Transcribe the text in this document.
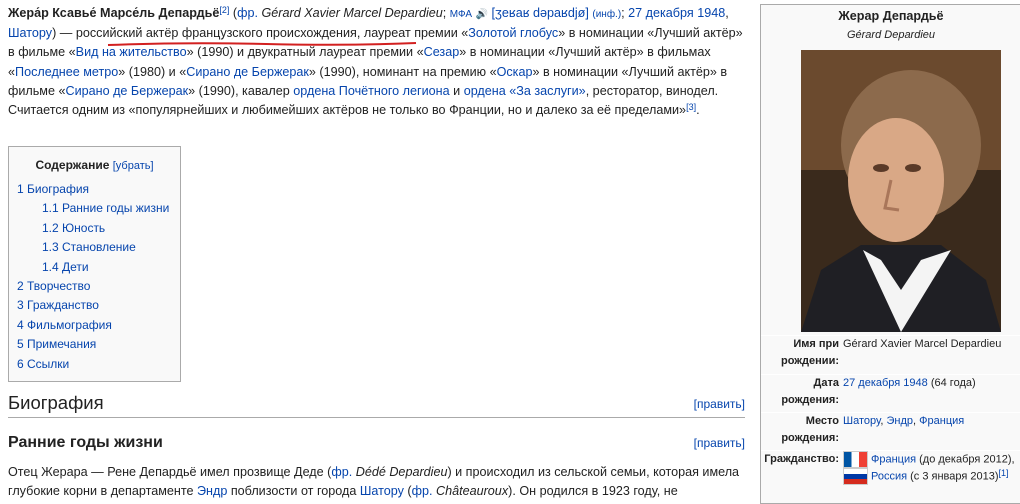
Жера́р Ксавье́ Марсе́ль Депардьё[2] (фр. Gérard Xavier Marcel Depardieu; МФА 🔊 [ʒeʁaʁ dəpaʁdjø] (инф.); 27 декабря 1948, Шатору) — российский актёр французского происхождения, лауреат премии «Золотой глобус» в номинации «Лучший актёр» в фильме «Вид на жительство» (1990) и двукратный лауреат премии «Сезар» в номинации «Лучший актёр» в фильмах «Последнее метро» (1980) и «Сирано де Бержерак» (1990), номинант на премию «Оскар» в номинации «Лучший актёр» в фильме «Сирано де Бержерак» (1990), кавалер ордена Почётного легиона и ордена «За заслуги», ресторатор, винодел. Считается одним из «популярнейших и любимейших актёров не только во Франции, но и далеко за её пределами»[3].
Содержание [убрать]
1 Биография
1.1 Ранние годы жизни
1.2 Юность
1.3 Становление
1.4 Дети
2 Творчество
3 Гражданство
4 Фильмография
5 Примечания
6 Ссылки
Биография	[править]
Ранние годы жизни	[править]
Отец Жерара — Рене Депардьё имел прозвище Деде (фр. Dédé Depardieu) и происходил из сельской семьи, которая имела глубокие корни в департаменте Эндр поблизости от города Шатору (фр. Châteauroux). Он родился в 1923 году, не
Жерар Депардьё
Gérard Depardieu
Имя при рождении:
Gérard Xavier Marcel Depardieu
Дата рождения:
27 декабря 1948 (64 года)
Место рождения:
Шатору, Эндр, Франция
Гражданство:	Франция (до декабря 2012),
Россия (с 3 января 2013)[1]
